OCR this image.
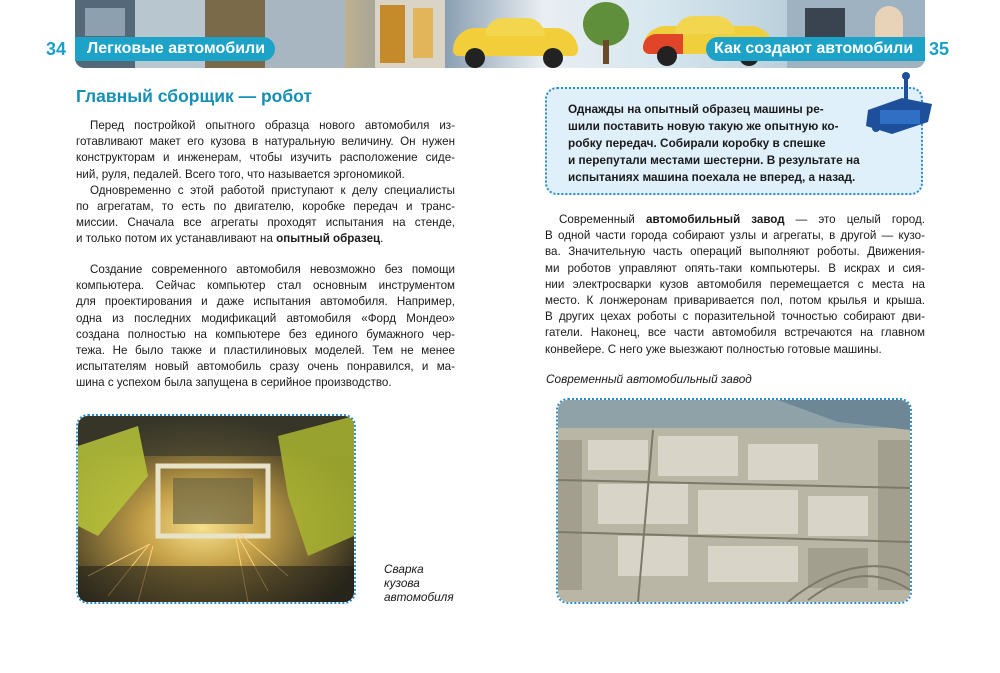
34 Легковые автомобили	Как создают автомобили 35
Главный сборщик — робот
Перед постройкой опытного образца нового автомобиля из-
готавливают макет его кузова в натуральную величину. Он нужен
конструкторам и инженерам, чтобы изучить расположение сиде-
ний, руля, педалей. Всего того, что называется эргономикой.
Одновременно с этой работой приступают к делу специалисты
по агрегатам, то есть по двигателю, коробке передач и транс-
миссии. Сначала все агрегаты проходят испытания на стенде,
и только потом их устанавливают на опытный образец.
Создание современного автомобиля невозможно без помощи
компьютера. Сейчас компьютер стал основным инструментом
для проектирования и даже испытания автомобиля. Например,
одна из последних модификаций автомобиля «Форд Мондео»
создана полностью на компьютере без единого бумажного чер-
тежа. Не было также и пластилиновых моделей. Тем не менее
испытателям новый автомобиль сразу очень понравился, и ма-
шина с успехом была запущена в серийное производство.
Сварка
кузова
автомобиля
Однажды на опытный образец машины ре-
шили поставить новую такую же опытную ко-
робку передач. Собирали коробку в спешке
и перепутали местами шестерни. В результате на
испытаниях машина поехала не вперед, а назад.
Современный автомобильный завод — это целый город.
В одной части города собирают узлы и агрегаты, в другой — кузо-
ва. Значительную часть операций выполняют роботы. Движения-
ми роботов управляют опять-таки компьютеры. В искрах и сия-
нии электросварки кузов автомобиля перемещается с места на
место. К лонжеронам приваривается пол, потом крылья и крыша.
В других цехах роботы с поразительной точностью собирают дви-
гатели. Наконец, все части автомобиля встречаются на главном
конвейере. С него уже выезжают полностью готовые машины.
Современный автомобильный завод
